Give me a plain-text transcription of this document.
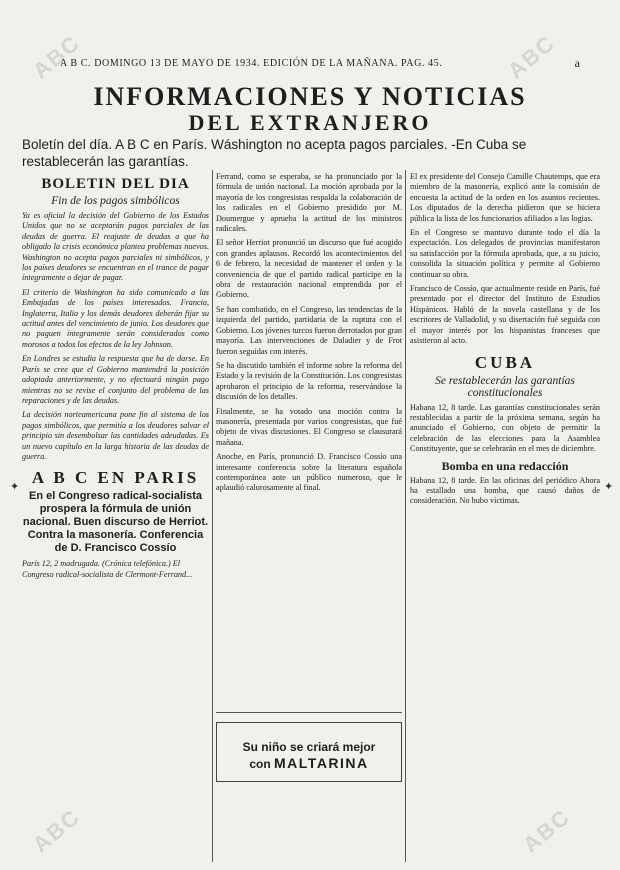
ABC	ABC
ABC	ABC
A B C. DOMINGO 13 DE MAYO DE 1934. EDICIÓN DE LA MAÑANA. PAG. 45.	a
INFORMACIONES Y NOTICIAS
DEL EXTRANJERO
Boletín del día. A B C en París. Wáshington no acepta pagos parciales. -En Cuba se restablecerán las garantías.
BOLETIN DEL DIA
Fin de los pagos simbólicos

Ya es oficial la decisión del Gobierno de los Estados Unidos que no se aceptarán pagos parciales de las deudas de guerra. El reajuste de deudas a que ha obligado la crisis económica plantea problemas nuevos. Washington no acepta pagos parciales ni simbólicos, y los países deudores se encuentran en el trance de pagar íntegramente o dejar de pagar.

El criterio de Washington ha sido comunicado a las Embajadas de los países interesados. Francia, Inglaterra, Italia y los demás deudores deberán fijar su actitud antes del vencimiento de junio. Los deudores que no paguen íntegramente serán considerados como morosos a todos los efectos de la ley Johnson.

En Londres se estudia la respuesta que ha de darse. En París se cree que el Gobierno mantendrá la posición adoptada anteriormente, y no efectuará ningún pago mientras no se revise el conjunto del problema de las reparaciones y de las deudas.

La decisión norteamericana pone fin al sistema de los pagos simbólicos, que permitía a los deudores salvar el principio sin desembolsar las cantidades adeudadas. Es un nuevo capítulo en la larga historia de las deudas de guerra.

A B C EN PARIS
En el Congreso radical-socialista prospera la fórmula de unión nacional. Buen discurso de Herriot. Contra la masonería. Conferencia de D. Francisco Cossío

París 12, 2 madrugada. (Crónica telefónica.) El Congreso radical-socialista de Clermont-Ferrand...

Ferrand, como se esperaba, se ha pronunciado por la fórmula de unión nacional. La moción aprobada por la mayoría de los congresistas respalda la colaboración de los radicales en el Gobierno presidido por M. Doumergue y aprueba la actitud de los ministros radicales.

El señor Herriot pronunció un discurso que fué acogido con grandes aplausos. Recordó los acontecimientos del 6 de febrero, la necesidad de mantener el orden y la conveniencia de que el partido radical participe en la obra de restauración nacional emprendida por el Gobierno.

Se han combatido, en el Congreso, las tendencias de la izquierda del partido, partidaria de la ruptura con el Gobierno. Los jóvenes turcos fueron derrotados por gran mayoría. Las intervenciones de Daladier y de Frot fueron seguidas con interés.

Se ha discutido también el informe sobre la reforma del Estado y la revisión de la Constitución. Los congresistas aprobaron el principio de la reforma, reservándose la discusión de los detalles.

Finalmente, se ha votado una moción contra la masonería, presentada por varios congresistas, que fué objeto de vivas discusiones. El Congreso se clausurará mañana.

Anoche, en París, pronunció D. Francisco Cossío una interesante conferencia sobre la literatura española contemporánea ante un público numeroso, que le aplaudió calurosamente al final.

Su niño se criará mejor
con MALTARINA

El ex presidente del Consejo Camille Chautemps, que era miembro de la masonería, explicó ante la comisión de encuesta la actitud de la orden en los asuntos recientes. Los diputados de la derecha pidieron que se hiciera pública la lista de los funcionarios afiliados a las logias.

En el Congreso se mantuvo durante todo el día la expectación. Los delegados de provincias manifestaron su satisfacción por la fórmula aprobada, que, a su juicio, consolida la situación política y permite al Gobierno continuar su obra.

Francisco de Cossío, que actualmente reside en París, fué presentado por el director del Instituto de Estudios Hispánicos. Habló de la novela castellana y de los escritores de Valladolid, y su disertación fué seguida con el mayor interés por los hispanistas franceses que asistieron al acto.

CUBA
Se restablecerán las garantías constitucionales

Habana 12, 8 tarde. Las garantías constitucionales serán restablecidas a partir de la próxima semana, según ha anunciado el Gobierno, con objeto de permitir la celebración de las elecciones para la Asamblea Constituyente, que se celebrarán en el mes de diciembre.

Bomba en una redacción

Habana 12, 8 tarde. En las oficinas del periódico Ahora ha estallado una bomba, que causó daños de consideración. No hubo víctimas.

✦	✦
